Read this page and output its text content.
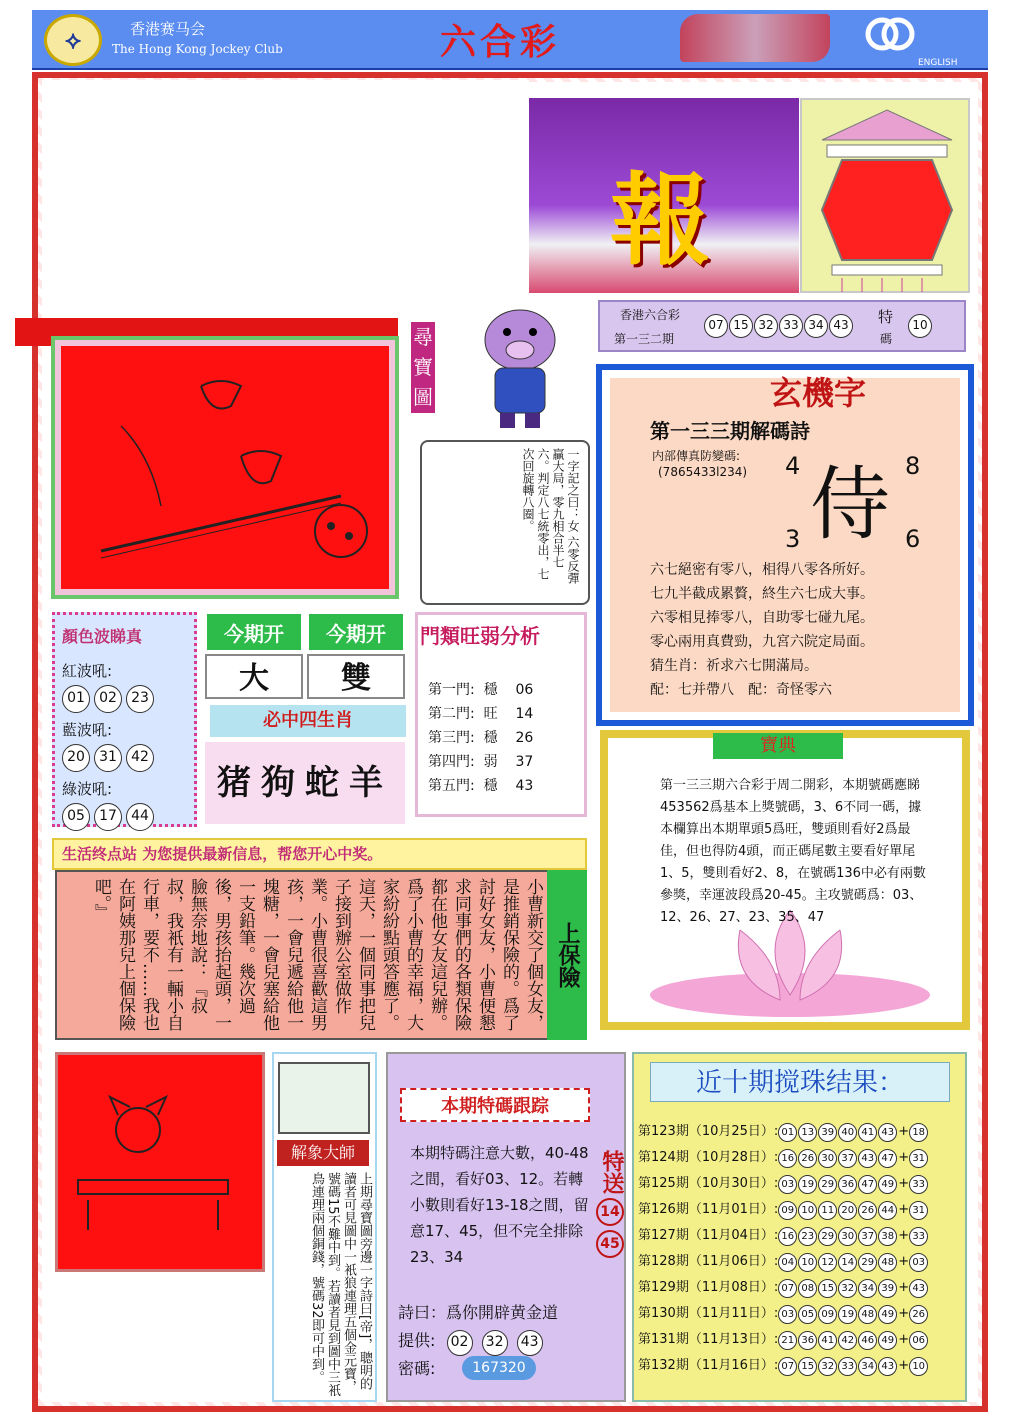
⟡	香港赛马会
The Hong Kong Jockey Club	六合彩	ENGLISH
報
香港六合彩
第一三二期
07 15 32 33 34 43	特
碼
10
尋寶圖
一字記之曰：女 六零反彈贏大局，零九相合半七六。判定八七統零出，七次回旋轉八圈。
玄機字
第一三三期解碼詩
内部傳真防變碼:
(7865433l234) 4	8
3	6
侍
六七絕密有零八，相得八零各所好。
七九半截成累贅，終生六七成大事。
六零相見捧零八，自助零七碰九尾。
零心兩用真費勁，九宮六院定局面。
猜生肖：祈求六七開滿局。
配：七并帶八　配：奇怪零六
寶典
第一三三期六合彩于周二開彩，本期號碼應睇453562爲基本上獎號碼，3、6不同一碼，據本欄算出本期單頭5爲旺，雙頭則看好2爲最佳，但也得防4頭，而正碼尾數主要看好單尾1、5，雙則看好2、8，在號碼136中必有兩數參獎，幸運波段爲20-45。主攻號碼爲：03、12、26、27、23、35、47
顏色波睇真
紅波吼:
01 02 23
藍波吼:
20 31 42
綠波吼:
05 17 44
今期开	今期开
大	雙
必中四生肖
猪狗蛇羊
門類旺弱分析
第一門: 穩 06
第二門: 旺 14
第三門: 穩 26
第四門: 弱 37
第五門: 穩 43
生活终点站 为您提供最新信息，帮您开心中奖。
小曹新交了個女友，是推銷保險的。爲了討好女友，小曹便懇求同事們的各類保險都在他女友這兒辦。爲了小曹的幸福，大家紛紛點頭答應了。這天，一個同事把兒子接到辦公室做作業。小曹很喜歡這男孩，一會兒遞給他一塊糖，一會兒塞給他一支鉛筆。幾次過後，男孩抬起頭，一臉無奈地說：『叔叔，我衹有一輛小自行車，要不……我也在阿姨那兒上個保險吧。』
上保險
解象大師
上期尋寶圖旁邊一字詩曰[帝]，聰明的讀者可見圖中一衹狼連理五個金元寶，號碼15不難中到。若讀者見到圖中三衹鳥連理兩個銅錢，號碼32即可中到。
本期特碼跟踪
本期特碼注意大數，40-48之間，看好03、12。若轉小數則看好13-18之間，留意17、45，但不完全排除23、34
特送
14
45
詩曰：爲你開辟黄金道
提供: 02 32 43
密碼:	167320
近十期搅珠结果：
第123期（10月25日）: 01 13 39 40 41 43 + 18
第124期（10月28日）: 16 26 30 37 43 47 + 31
第125期（10月30日）: 03 19 29 36 47 49 + 33
第126期（11月01日）: 09 10 11 20 26 44 + 31
第127期（11月04日）: 16 23 29 30 37 38 + 33
第128期（11月06日）: 04 10 12 14 29 48 + 03
第129期（11月08日）: 07 08 15 32 34 39 + 43
第130期（11月11日）: 03 05 09 19 48 49 + 26
第131期（11月13日）: 21 36 41 42 46 49 + 06
第132期（11月16日）: 07 15 32 33 34 43 + 10
